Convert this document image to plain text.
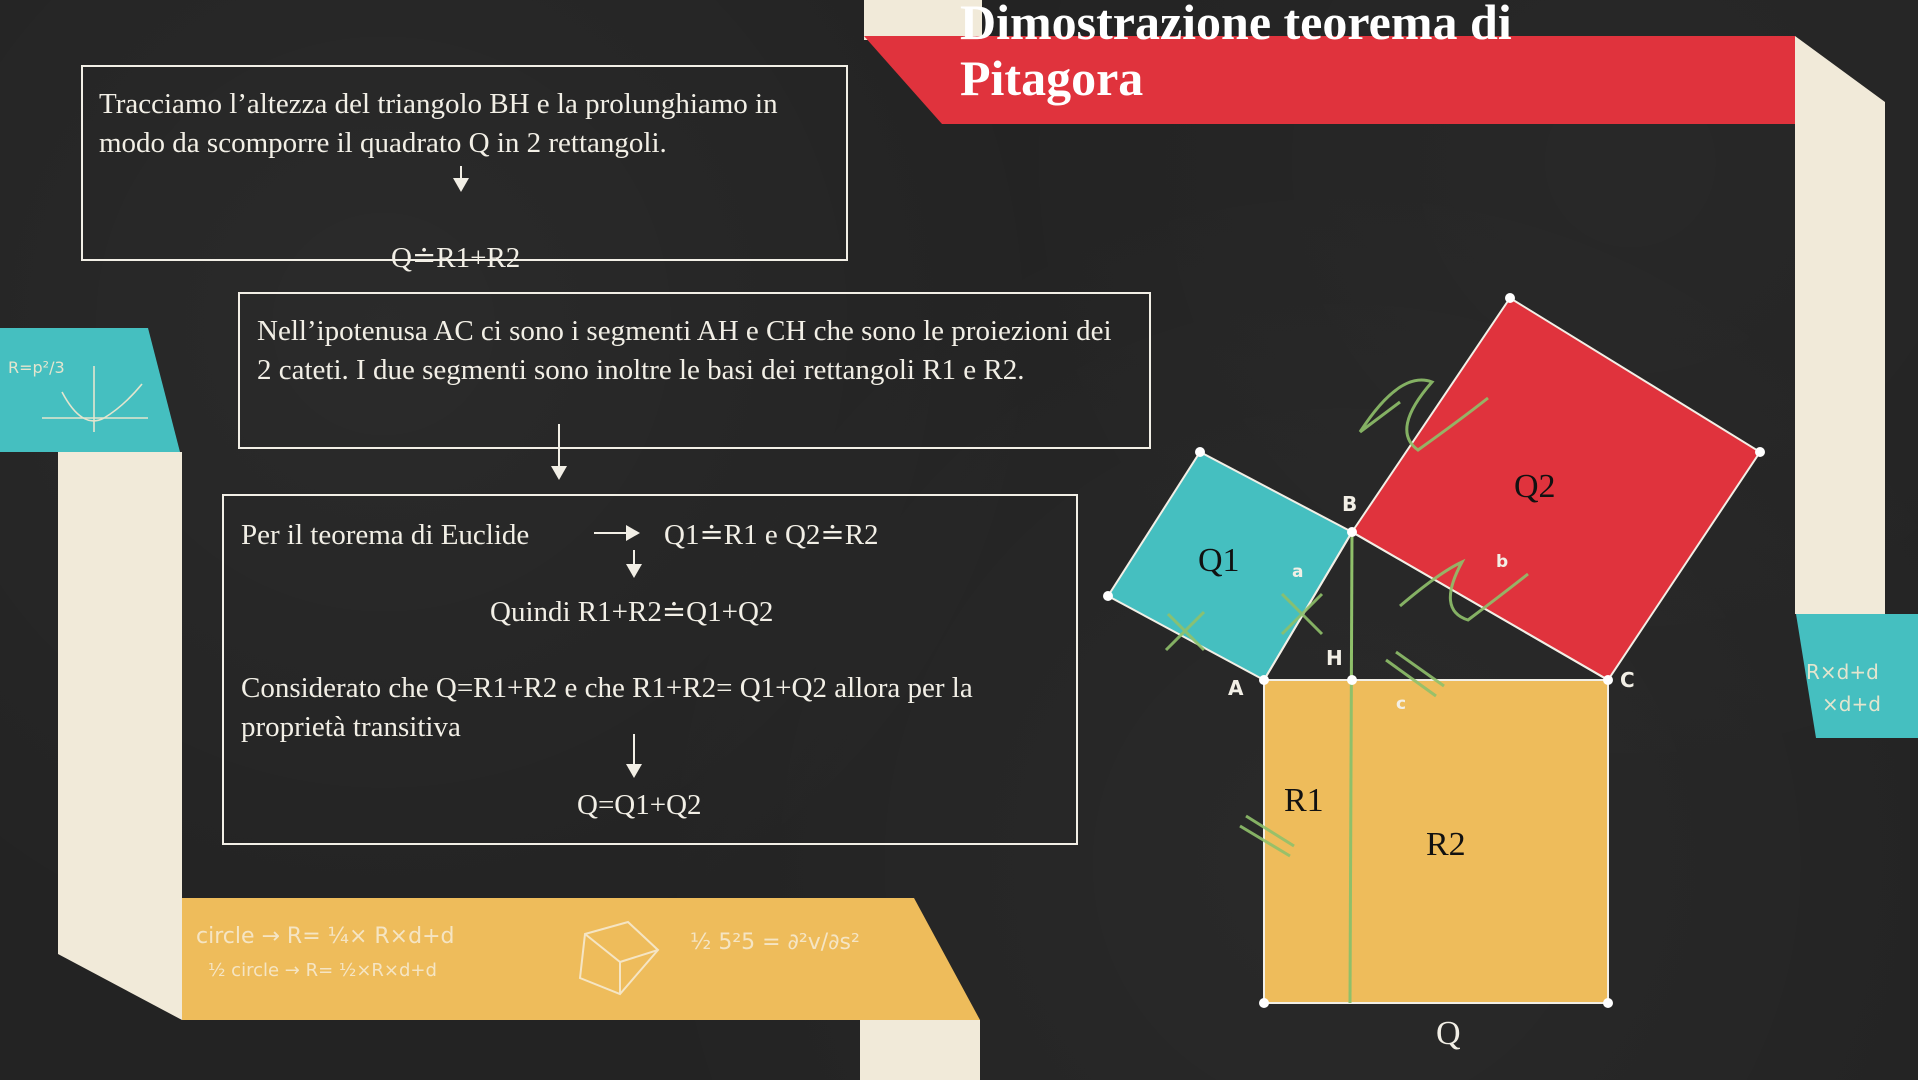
Dimostrazione teorema di Pitagora
Tracciamo l’altezza del triangolo BH e la prolunghiamo in modo da scomporre il quadrato Q in 2 rettangoli.
Q≐R1+R2
Nell’ipotenusa AC ci sono i segmenti AH e CH che sono le proiezioni dei 2 cateti. I due segmenti sono inoltre le basi dei rettangoli R1 e R2.
Per il teorema di Euclide	Q1≐R1 e Q2≐R2
Quindi R1+R2≐Q1+Q2
Considerato che Q=R1+R2 e che R1+R2= Q1+Q2 allora per la proprietà transitiva
Q=Q1+Q2
Q1
Q2
R1
R2
Q
A
B
C
H
a	b
c
R=p²/3
R×d+d
×d+d
circle → R= ¼× R×d+d
½ circle → R= ½×R×d+d
½ 5²5 = ∂²v/∂s²
